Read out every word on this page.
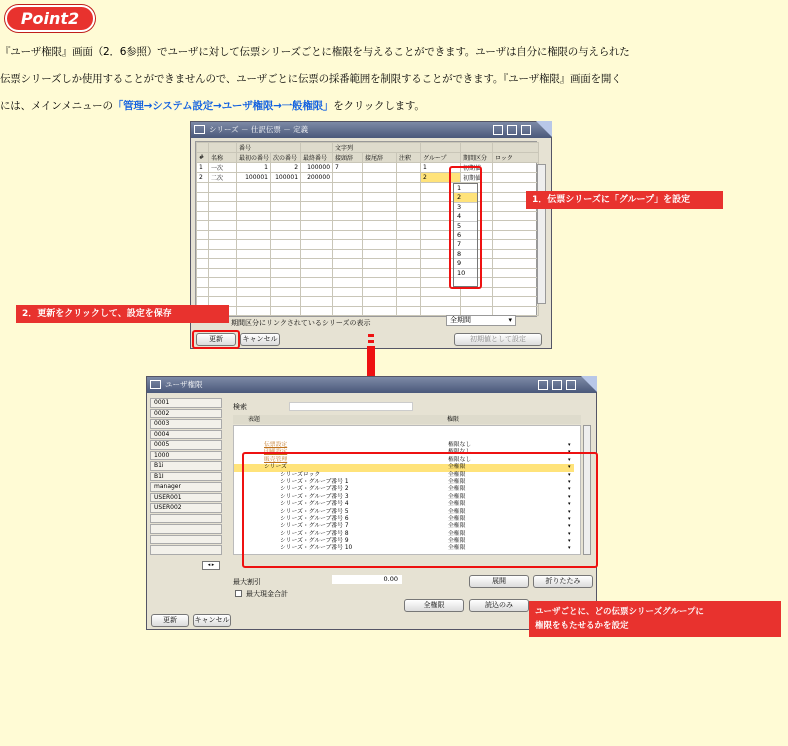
Point2
『ユーザ権限』画面（2．6参照）でユーザに対して伝票シリーズごとに権限を与えることができます。ユーザは自分に権限の与えられた
伝票シリーズしか使用することができませんので、ユーザごとに伝票の採番範囲を制限することができます。『ユーザ権限』画面を開く
には、メインメニューの「管理→システム設定→ユーザ権限→一般権限」をクリックします。
シリーズ － 仕訳伝票 － 定義
		番号			文字列					
#	名称	最初の番号	次の番号	最終番号	接頭辞	接尾辞	注釈	グループ	期間区分	ロック
1	一次	1	2	100000	7			1	初期値	
2	二次	100001	100001	200000				2	初期値	

1
2
3
4
5
6
7
8
9
10
期間区分にリンクされているシリーズの表示	全期間	▾
更新	キャンセル	初期値として設定
1．伝票シリーズに「グループ」を設定
2．更新をクリックして、設定を保存
ユーザ権限
0001
0002
0003
0004
0005
1000
B1i
B1I
manager
USER001
USER002
◂ ▸
検索
表題	権限
伝票設定	権限なし	▾
印刷設定	権限なし	▾
販売管理	権限なし	▾
シリーズ	全権限	▾
シリーズロック	全権限	▾
シリーズ・グループ番号 1	全権限	▾
シリーズ・グループ番号 2	全権限	▾
シリーズ・グループ番号 3	全権限	▾
シリーズ・グループ番号 4	全権限	▾
シリーズ・グループ番号 5	全権限	▾
シリーズ・グループ番号 6	全権限	▾
シリーズ・グループ番号 7	全権限	▾
シリーズ・グループ番号 8	全権限	▾
シリーズ・グループ番号 9	全権限	▾
シリーズ・グループ番号 10	全権限	▾
最大割引	0.00
最大現金合計
展開	折りたたみ
全権限	読込のみ
更新	キャンセル
ユーザごとに、どの伝票シリーズグループに
権限をもたせるかを設定
